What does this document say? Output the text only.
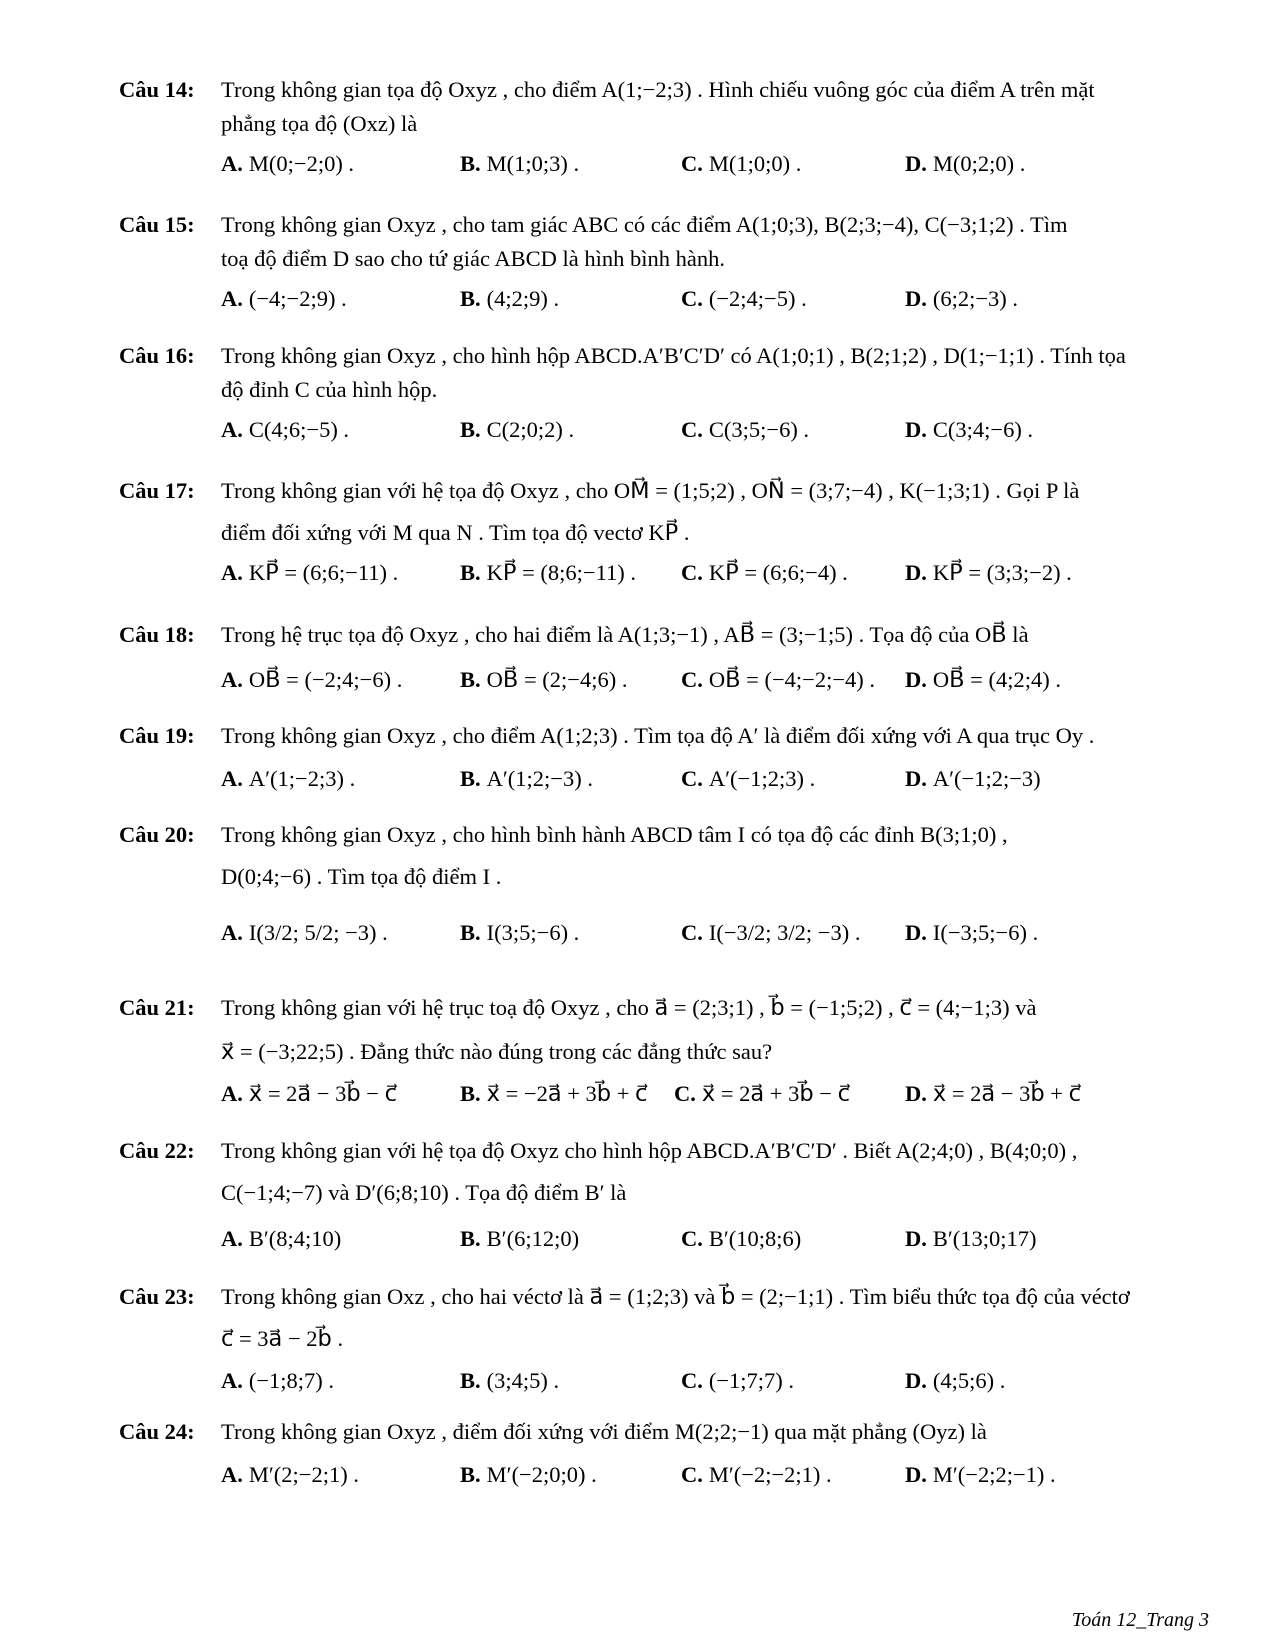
Câu 14: Trong không gian tọa độ Oxyz , cho điểm A(1;−2;3) . Hình chiếu vuông góc của điểm A trên mặt
phẳng tọa độ (Oxz) là
A. M(0;−2;0) .	B. M(1;0;3) .	C. M(1;0;0) .	D. M(0;2;0) .
Câu 15: Trong không gian Oxyz , cho tam giác ABC có các điểm A(1;0;3), B(2;3;−4), C(−3;1;2) . Tìm
toạ độ điểm D sao cho tứ giác ABCD là hình bình hành.
A. (−4;−2;9) .	B. (4;2;9) .	C. (−2;4;−5) .	D. (6;2;−3) .
Câu 16: Trong không gian Oxyz , cho hình hộp ABCD.A′B′C′D′ có A(1;0;1) , B(2;1;2) , D(1;−1;1) . Tính tọa
độ đỉnh C của hình hộp.
A. C(4;6;−5) .	B. C(2;0;2) .	C. C(3;5;−6) .	D. C(3;4;−6) .
Câu 17: Trong không gian với hệ tọa độ Oxyz , cho OM⃗ = (1;5;2) , ON⃗ = (3;7;−4) , K(−1;3;1) . Gọi P là
điểm đối xứng với M qua N . Tìm tọa độ vectơ KP⃗ .
A. KP⃗ = (6;6;−11) .	B. KP⃗ = (8;6;−11) . C. KP⃗ = (6;6;−4) .	D. KP⃗ = (3;3;−2) .
Câu 18: Trong hệ trục tọa độ Oxyz , cho hai điểm là A(1;3;−1) , AB⃗ = (3;−1;5) . Tọa độ của OB⃗ là
A. OB⃗ = (−2;4;−6) .	B. OB⃗ = (2;−4;6) . C. OB⃗ = (−4;−2;−4) . D. OB⃗ = (4;2;4) .
Câu 19: Trong không gian Oxyz , cho điểm A(1;2;3) . Tìm tọa độ A′ là điểm đối xứng với A qua trục Oy .
A. A′(1;−2;3) .	B. A′(1;2;−3) .	C. A′(−1;2;3) .	D. A′(−1;2;−3)
Câu 20: Trong không gian Oxyz , cho hình bình hành ABCD tâm I có tọa độ các đỉnh B(3;1;0) ,
D(0;4;−6) . Tìm tọa độ điểm I .
A. I(3/2; 5/2; −3) .	B. I(3;5;−6) .	C. I(−3/2; 3/2; −3) . D. I(−3;5;−6) .
Câu 21: Trong không gian với hệ trục toạ độ Oxyz , cho a⃗ = (2;3;1) , b⃗ = (−1;5;2) , c⃗ = (4;−1;3) và
x⃗ = (−3;22;5) . Đẳng thức nào đúng trong các đẳng thức sau?
A. x⃗ = 2a⃗ − 3b⃗ − c⃗	B. x⃗ = −2a⃗ + 3b⃗ + c⃗ C. x⃗ = 2a⃗ + 3b⃗ − c⃗ D. x⃗ = 2a⃗ − 3b⃗ + c⃗
Câu 22: Trong không gian với hệ tọa độ Oxyz cho hình hộp ABCD.A′B′C′D′ . Biết A(2;4;0) , B(4;0;0) ,
C(−1;4;−7) và D′(6;8;10) . Tọa độ điểm B′ là
A. B′(8;4;10)	B. B′(6;12;0)	C. B′(10;8;6)	D. B′(13;0;17)
Câu 23: Trong không gian Oxz , cho hai véctơ là a⃗ = (1;2;3) và b⃗ = (2;−1;1) . Tìm biểu thức tọa độ của véctơ
c⃗ = 3a⃗ − 2b⃗ .
A. (−1;8;7) .	B. (3;4;5) .	C. (−1;7;7) .	D. (4;5;6) .
Câu 24: Trong không gian Oxyz , điểm đối xứng với điểm M(2;2;−1) qua mặt phẳng (Oyz) là
A. M′(2;−2;1) .	B. M′(−2;0;0) .	C. M′(−2;−2;1) .	D. M′(−2;2;−1) .
Toán 12_Trang 3
